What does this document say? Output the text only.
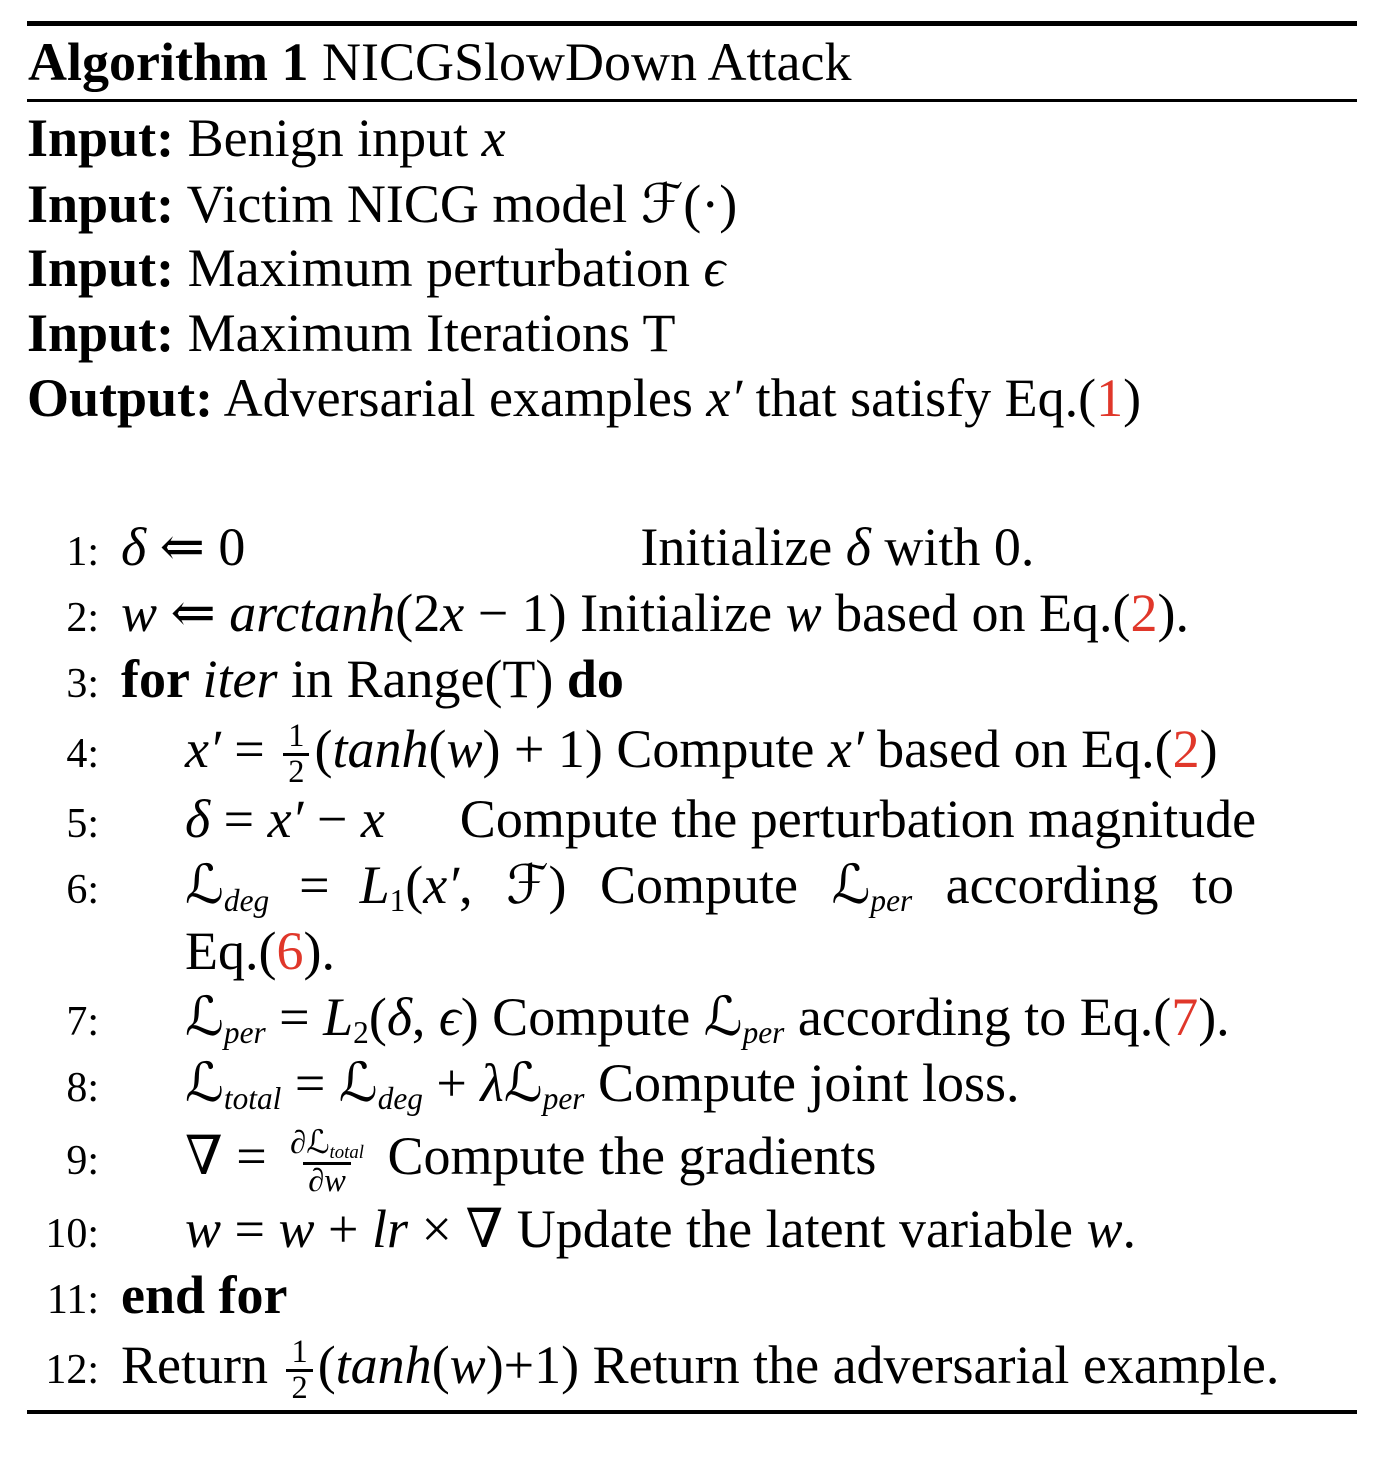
Algorithm 1 NICGSlowDown Attack
Input: Benign input x
Input: Victim NICG model ℱ(·)
Input: Maximum perturbation ϵ
Input: Maximum Iterations T
Output: Adversarial examples x′ that satisfy Eq.(1)
1: δ ⇐ 0	Initialize δ with 0.
2: w ⇐ arctanh(2x − 1) Initialize w based on Eq.(2).
3: for iter in Range(T) do
4: $x' = \frac{1}{2} (\tanh(w) + 1)$ Compute x′ based on Eq.(2)
5: δ = x′ − x Compute the perturbation magnitude
6: ℒ$_{deg}$ = L1(x′, ℱ) Compute ℒ$_{per}$ according to
Eq.(6).
7: ℒ$_{per}$ = L2(δ, ϵ) Compute ℒ$_{per}$ according to Eq.(7).
8: ℒ$_{total}$ = ℒ$_{deg}$ + λℒ$_{per}$ Compute joint loss.
9: ∇ = $\frac{\partial ℒ_{total}}{\partial w}$ Compute the gradients
10: w = w + lr × ∇ Update the latent variable w.
11: end for
12: Return $\frac{1}{2} (\tanh(w)+1)$ Return the adversarial example.
